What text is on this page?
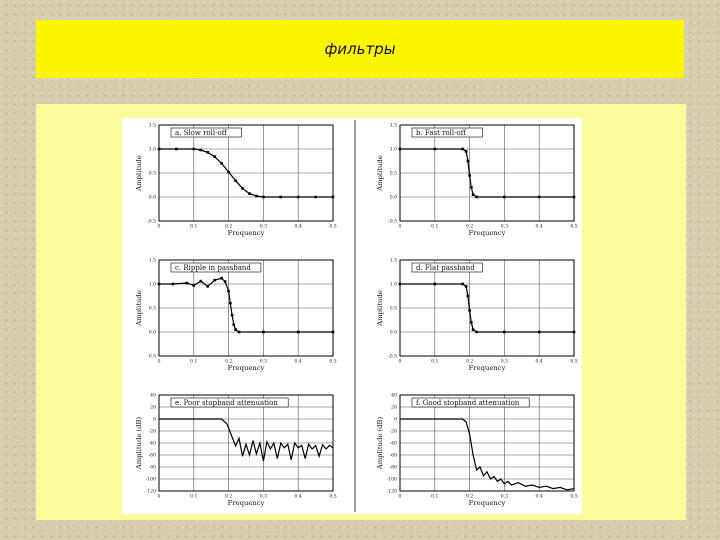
фильтры
0	0.1	0.2	0.3	0.4	0.5
1.5
1.0
0.5
0.0
-0.5
a. Slow roll-off
Frequency
Amplitude
0	0.1	0.2	0.3	0.4	0.5
1.5
1.0
0.5
0.0
-0.5
b. Fast roll-off
Frequency
Amplitude
0	0.1	0.2	0.3	0.4	0.5
1.5
1.0
0.5
0.0
-0.5
c. Ripple in passband
Frequency
Amplitude
0	0.1	0.2	0.3	0.4	0.5
1.5
1.0
0.5
0.0
-0.5
d. Flat passband
Frequency
Amplitude
0	0.1	0.2	0.3	0.4	0.5
40
20
0
-20
-40
-60
-80
-100
-120
e. Poor stopband attenuation
Frequency
Amplitude (dB)
0	0.1	0.2	0.3	0.4	0.5
40
20
0
-20
-40
-60
-80
-100
-120
f. Good stopband attenuation
Frequency
Amplitude (dB)
